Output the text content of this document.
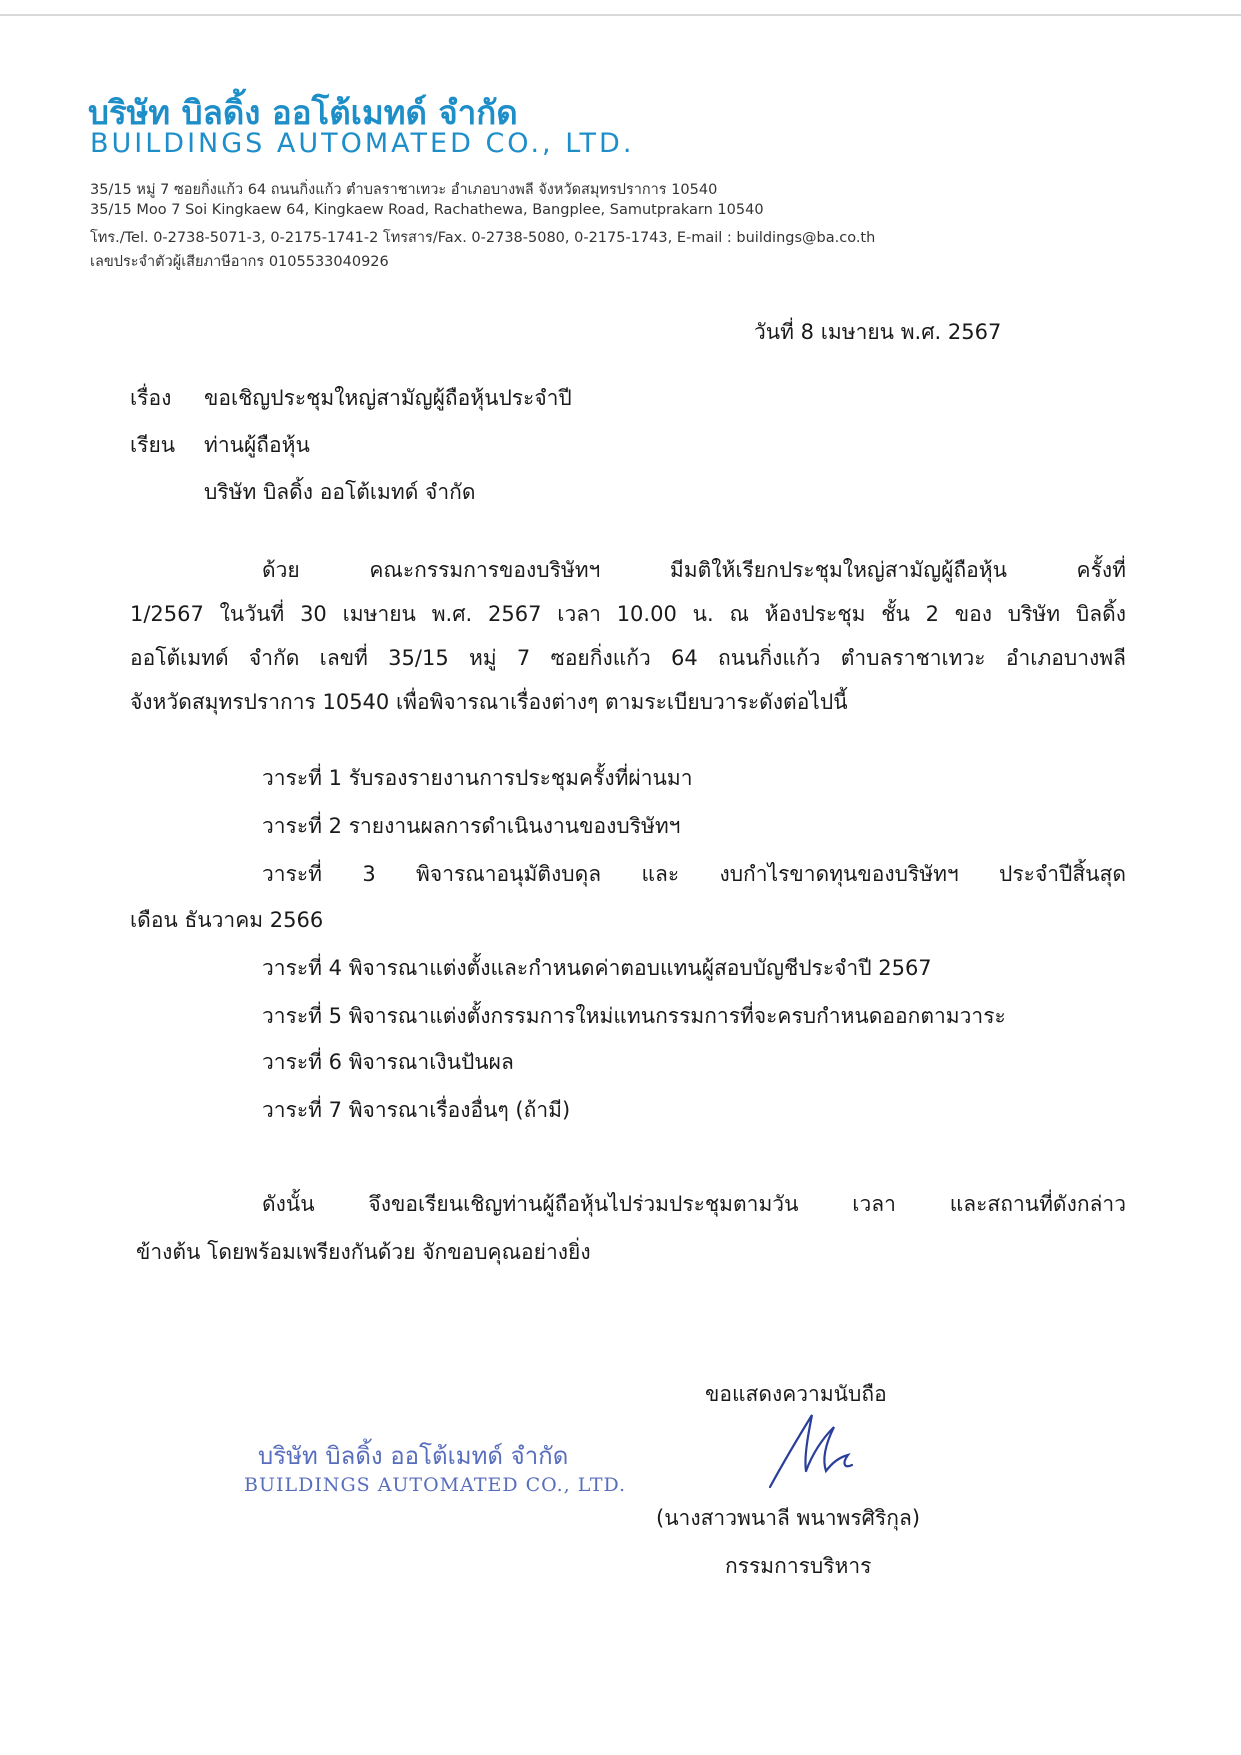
บริษัท บิลดิ้ง ออโต้เมทด์ จำกัด
BUILDINGS AUTOMATED CO., LTD.
35/15 หมู่ 7 ซอยกิ่งแก้ว 64 ถนนกิ่งแก้ว ตำบลราชาเทวะ อำเภอบางพลี จังหวัดสมุทรปราการ 10540
35/15 Moo 7 Soi Kingkaew 64, Kingkaew Road, Rachathewa, Bangplee, Samutprakarn 10540
โทร./Tel. 0-2738-5071-3, 0-2175-1741-2 โทรสาร/Fax. 0-2738-5080, 0-2175-1743, E-mail : buildings@ba.co.th
เลขประจำตัวผู้เสียภาษีอากร 0105533040926
วันที่ 8 เมษายน พ.ศ. 2567
เรื่อง ขอเชิญประชุมใหญ่สามัญผู้ถือหุ้นประจำปี
เรียน ท่านผู้ถือหุ้น
บริษัท บิลดิ้ง ออโต้เมทด์ จำกัด
ด้วย คณะกรรมการของบริษัทฯ มีมติให้เรียกประชุมใหญ่สามัญผู้ถือหุ้น ครั้งที่
1/2567 ในวันที่ 30 เมษายน พ.ศ. 2567 เวลา 10.00 น. ณ ห้องประชุม ชั้น 2 ของ บริษัท บิลดิ้ง
ออโต้เมทด์ จำกัด เลขที่ 35/15 หมู่ 7 ซอยกิ่งแก้ว 64 ถนนกิ่งแก้ว ตำบลราชาเทวะ อำเภอบางพลี
จังหวัดสมุทรปราการ 10540 เพื่อพิจารณาเรื่องต่างๆ ตามระเบียบวาระดังต่อไปนี้
วาระที่ 1 รับรองรายงานการประชุมครั้งที่ผ่านมา
วาระที่ 2 รายงานผลการดำเนินงานของบริษัทฯ
วาระที่ 3 พิจารณาอนุมัติงบดุล และ งบกำไรขาดทุนของบริษัทฯ ประจำปีสิ้นสุด
เดือน ธันวาคม 2566
วาระที่ 4 พิจารณาแต่งตั้งและกำหนดค่าตอบแทนผู้สอบบัญชีประจำปี 2567
วาระที่ 5 พิจารณาแต่งตั้งกรรมการใหม่แทนกรรมการที่จะครบกำหนดออกตามวาระ
วาระที่ 6 พิจารณาเงินปันผล
วาระที่ 7 พิจารณาเรื่องอื่นๆ (ถ้ามี)
ดังนั้น จึงขอเรียนเชิญท่านผู้ถือหุ้นไปร่วมประชุมตามวัน เวลา และสถานที่ดังกล่าว
ข้างต้น โดยพร้อมเพรียงกันด้วย จักขอบคุณอย่างยิ่ง
ขอแสดงความนับถือ
บริษัท บิลดิ้ง ออโต้เมทด์ จำกัด
BUILDINGS AUTOMATED CO., LTD.
(นางสาวพนาลี พนาพรศิริกุล)
กรรมการบริหาร
